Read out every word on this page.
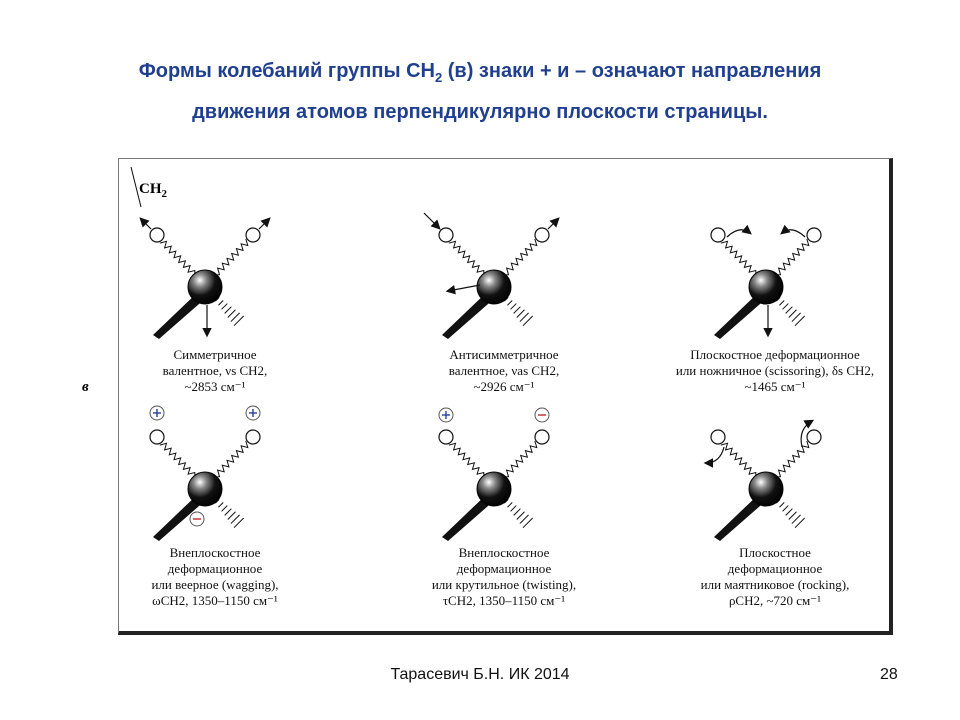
Формы колебаний группы $CH_2$ (в) знаки + и – означают направления
движения атомов перпендикулярно плоскости страницы.
в
$CH_2$
Симметричное
валентное, νs CH2,
~2853 см⁻¹
Антисимметричное
валентное, νas CH2,
~2926 см⁻¹
Плоскостное деформационное
или ножничное (scissoring), δs CH2,
~1465 см⁻¹
Внеплоскостное
деформационное
или веерное (wagging),
ωCH2, 1350–1150 см⁻¹
Внеплоскостное
деформационное
или крутильное (twisting),
τCH2, 1350–1150 см⁻¹
Плоскостное
деформационное
или маятниковое (rocking),
ρCH2, ~720 см⁻¹
Тарасевич Б.Н. ИК 2014	28
